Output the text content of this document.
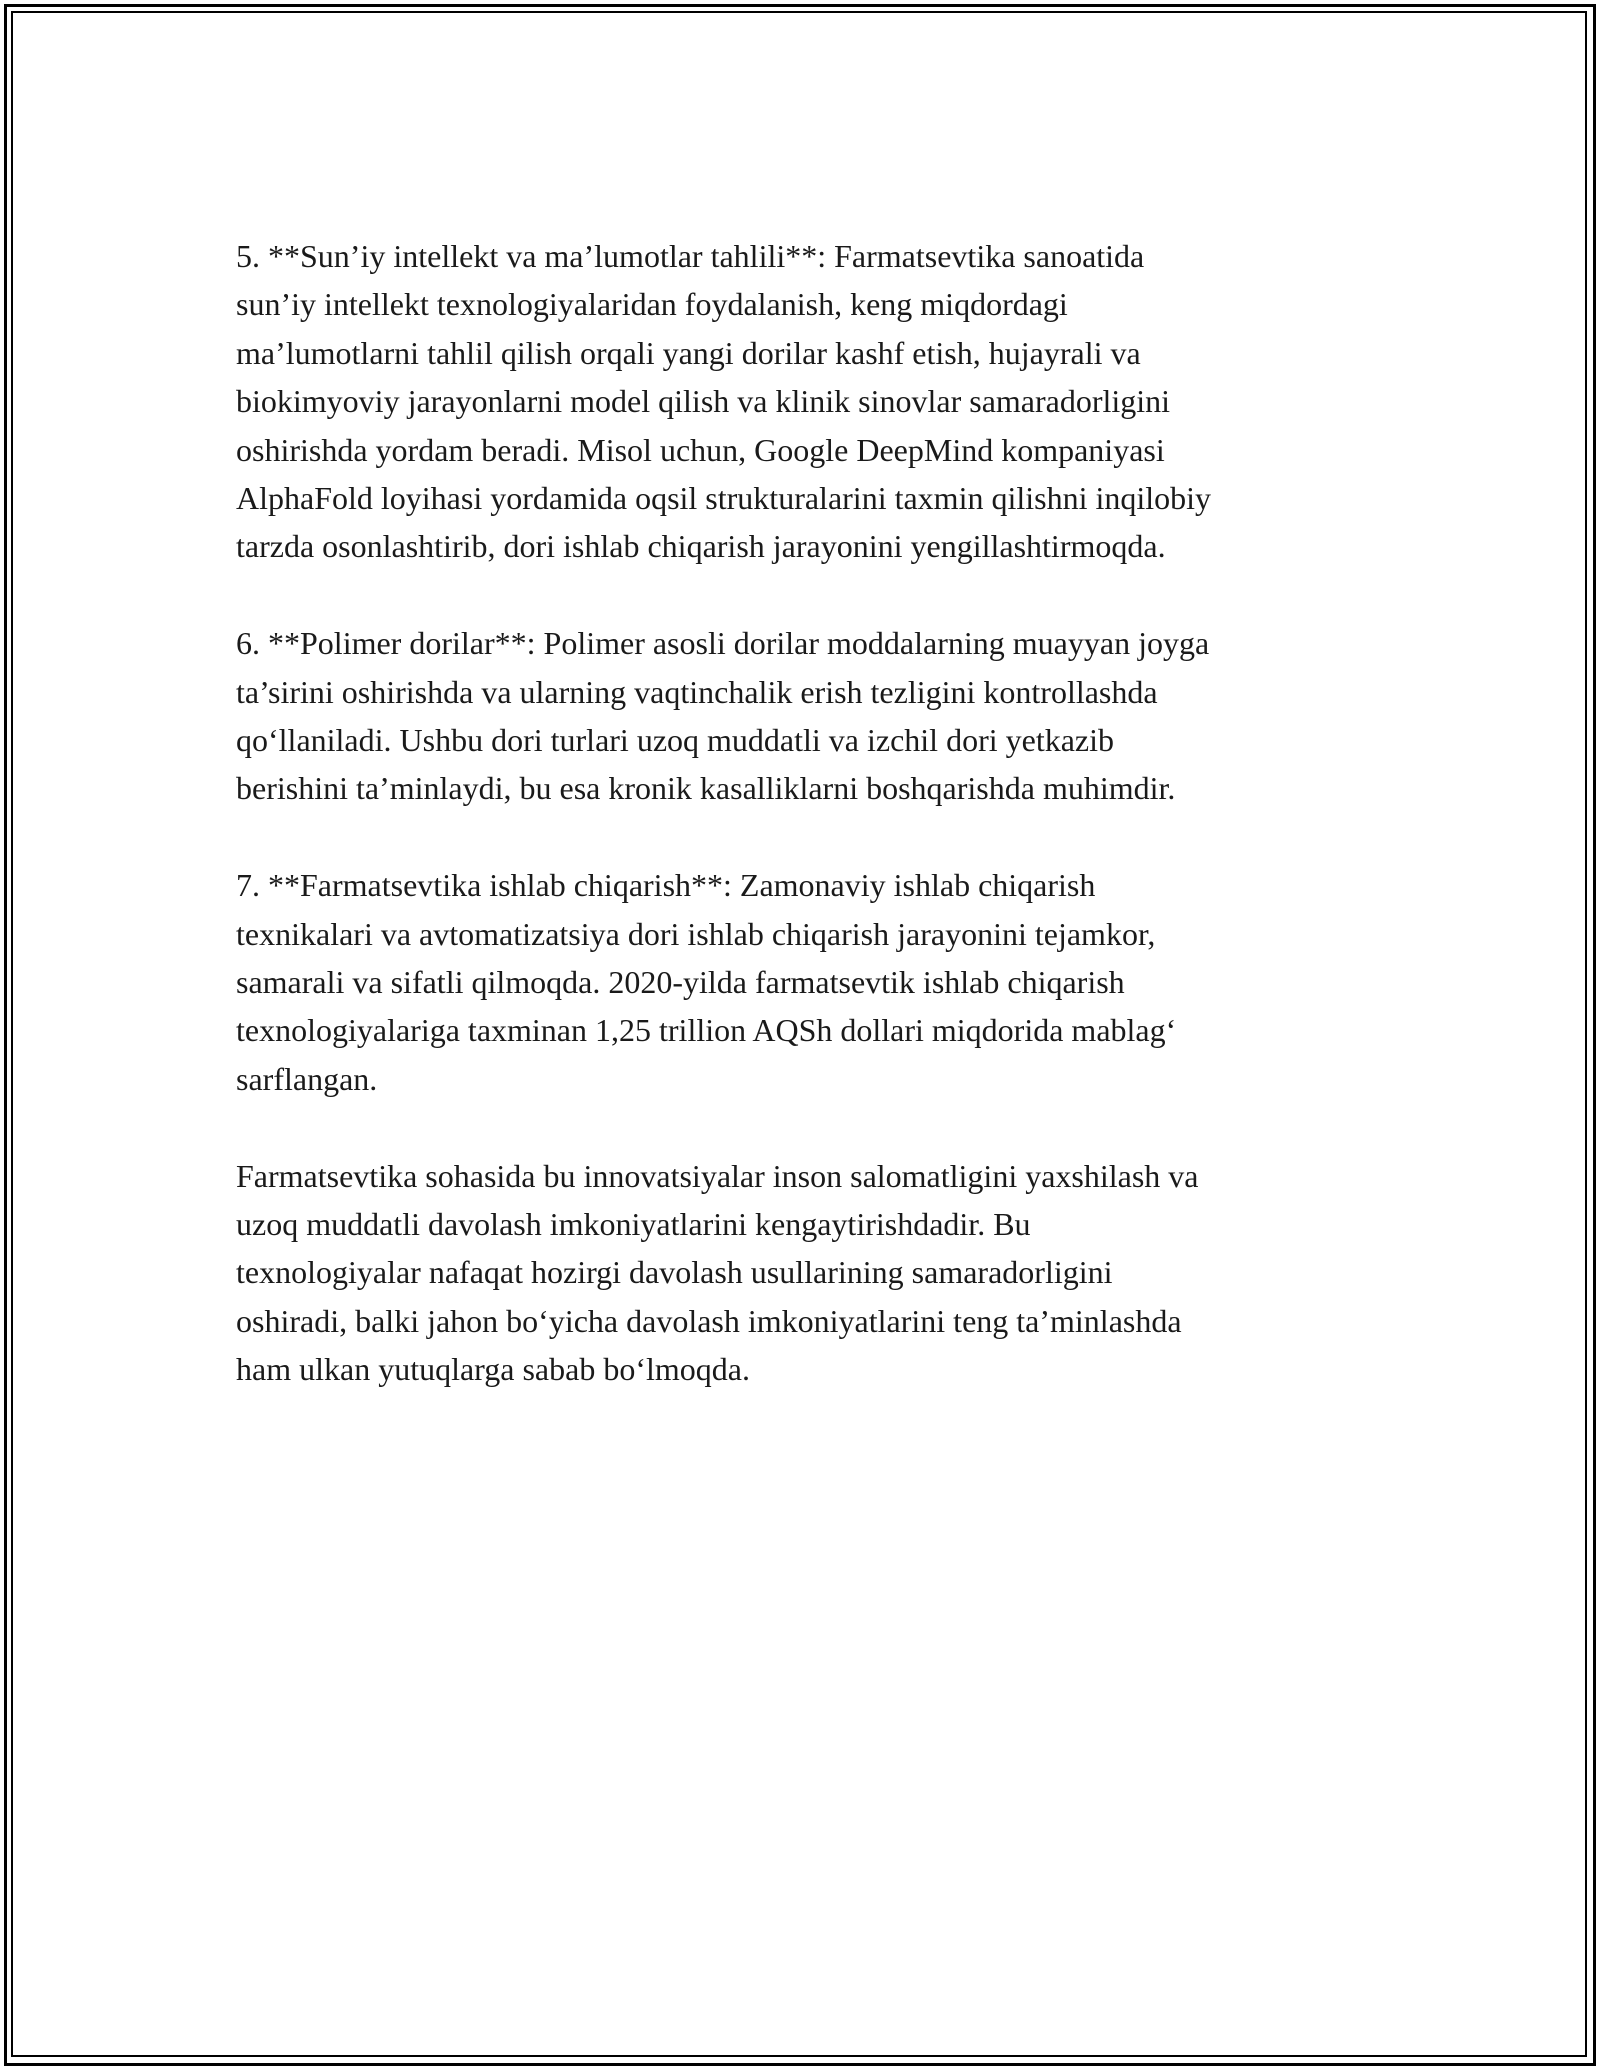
5. **Sun’iy intellekt va ma’lumotlar tahlili**: Farmatsevtika sanoatida
sun’iy intellekt texnologiyalaridan foydalanish, keng miqdordagi
ma’lumotlarni tahlil qilish orqali yangi dorilar kashf etish, hujayrali va
biokimyoviy jarayonlarni model qilish va klinik sinovlar samaradorligini
oshirishda yordam beradi. Misol uchun, Google DeepMind kompaniyasi
AlphaFold loyihasi yordamida oqsil strukturalarini taxmin qilishni inqilobiy
tarzda osonlashtirib, dori ishlab chiqarish jarayonini yengillashtirmoqda.

6. **Polimer dorilar**: Polimer asosli dorilar moddalarning muayyan joyga
ta’sirini oshirishda va ularning vaqtinchalik erish tezligini kontrollashda
qo‘llaniladi. Ushbu dori turlari uzoq muddatli va izchil dori yetkazib
berishini ta’minlaydi, bu esa kronik kasalliklarni boshqarishda muhimdir.

7. **Farmatsevtika ishlab chiqarish**: Zamonaviy ishlab chiqarish
texnikalari va avtomatizatsiya dori ishlab chiqarish jarayonini tejamkor,
samarali va sifatli qilmoqda. 2020-yilda farmatsevtik ishlab chiqarish
texnologiyalariga taxminan 1,25 trillion AQSh dollari miqdorida mablag‘
sarflangan.

Farmatsevtika sohasida bu innovatsiyalar inson salomatligini yaxshilash va
uzoq muddatli davolash imkoniyatlarini kengaytirishdadir. Bu
texnologiyalar nafaqat hozirgi davolash usullarining samaradorligini
oshiradi, balki jahon bo‘yicha davolash imkoniyatlarini teng ta’minlashda
ham ulkan yutuqlarga sabab bo‘lmoqda.
